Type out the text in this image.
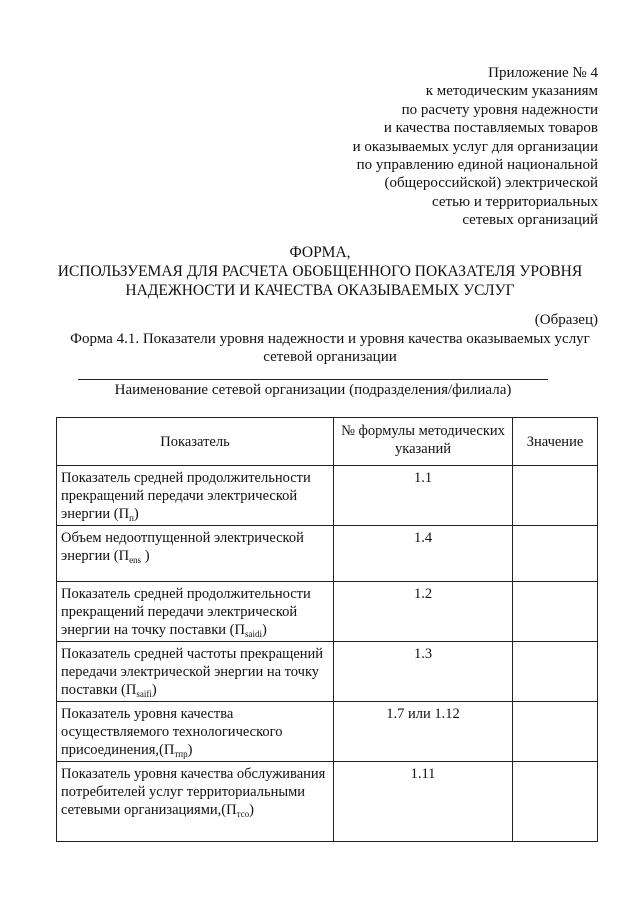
Приложение № 4
к методическим указаниям
по расчету уровня надежности
и качества поставляемых товаров
и оказываемых услуг для организации
по управлению единой национальной
(общероссийской) электрической
сетью и территориальных
сетевых организаций
ФОРМА,
ИСПОЛЬЗУЕМАЯ ДЛЯ РАСЧЕТА ОБОБЩЕННОГО ПОКАЗАТЕЛЯ УРОВНЯ
НАДЕЖНОСТИ И КАЧЕСТВА ОКАЗЫВАЕМЫХ УСЛУГ
(Образец)
Форма 4.1. Показатели уровня надежности и уровня качества оказываемых услуг
сетевой организации
Наименование сетевой организации (подразделения/филиала)
Показатель	№ формулы методических указаний	Значение
Показатель средней продолжительности прекращений передачи электрической энергии $(П_п)$	1.1	
Объем недоотпущенной электрической энергии ($П_{ens}$ )	1.4	
Показатель средней продолжительности прекращений передачи электрической энергии на точку поставки $(П_{saidi})$	1.2	
Показатель средней частоты прекращений передачи электрической энергии на точку поставки $(П_{saifi})$	1.3	
Показатель уровня качества осуществляемого технологического $присоединения,(П_{тпр})$	1.7 или 1.12	
Показатель уровня качества обслуживания потребителей услуг территориальными сетевыми $организациями,(П_{тсо})$	1.11	
